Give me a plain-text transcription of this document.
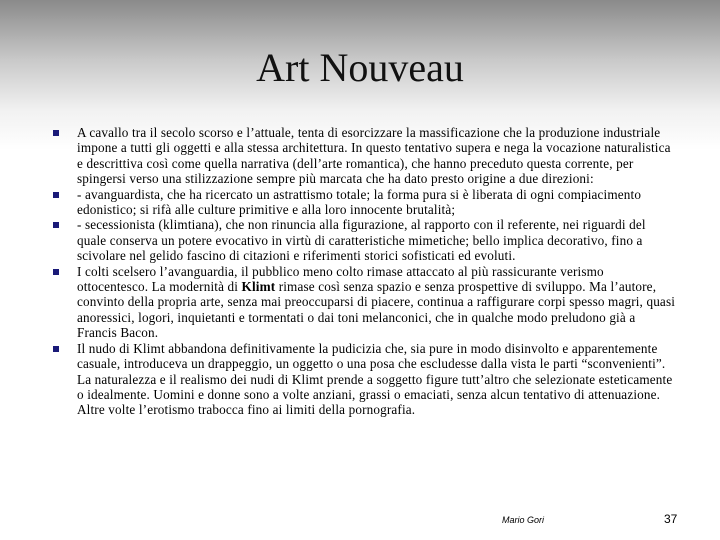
Art Nouveau
A cavallo tra il secolo scorso e l’attuale, tenta di esorcizzare la massificazione che la produzione industriale impone a tutti gli oggetti e alla stessa architettura. In questo tentativo supera e nega la vocazione naturalistica e descrittiva così come quella narrativa (dell’arte romantica), che hanno preceduto questa corrente, per spingersi verso una stilizzazione sempre più marcata che ha dato presto origine a due direzioni:
- avanguardista, che ha ricercato un astrattismo totale; la forma pura si è liberata di ogni compiacimento edonistico; si rifà alle culture primitive e alla loro innocente brutalità;
- secessionista (klimtiana), che non rinuncia alla figurazione, al rapporto con il referente, nei riguardi del quale conserva un potere evocativo in virtù di caratteristiche mimetiche; bello implica decorativo, fino a scivolare nel gelido fascino di citazioni e riferimenti storici sofisticati ed evoluti.
I colti scelsero l’avanguardia, il pubblico meno colto rimase attaccato al più rassicurante verismo ottocentesco. La modernità di Klimt rimase così senza spazio e senza prospettive di sviluppo. Ma l’autore, convinto della propria arte, senza mai preoccuparsi di piacere, continua a raffigurare corpi spesso magri, quasi anoressici, logori, inquietanti e tormentati o dai toni melanconici, che in qualche modo preludono già a Francis Bacon.
Il nudo di Klimt abbandona definitivamente la pudicizia che, sia pure in modo disinvolto e apparentemente casuale, introduceva un drappeggio, un oggetto o una posa che escludesse dalla vista le parti “sconvenienti”. La naturalezza e il realismo dei nudi di Klimt prende a soggetto figure tutt’altro che selezionate esteticamente o idealmente. Uomini e donne sono a volte anziani, grassi o emaciati, senza alcun tentativo di attenuazione. Altre volte l’erotismo trabocca fino ai limiti della pornografia.
Mario Gori	37
